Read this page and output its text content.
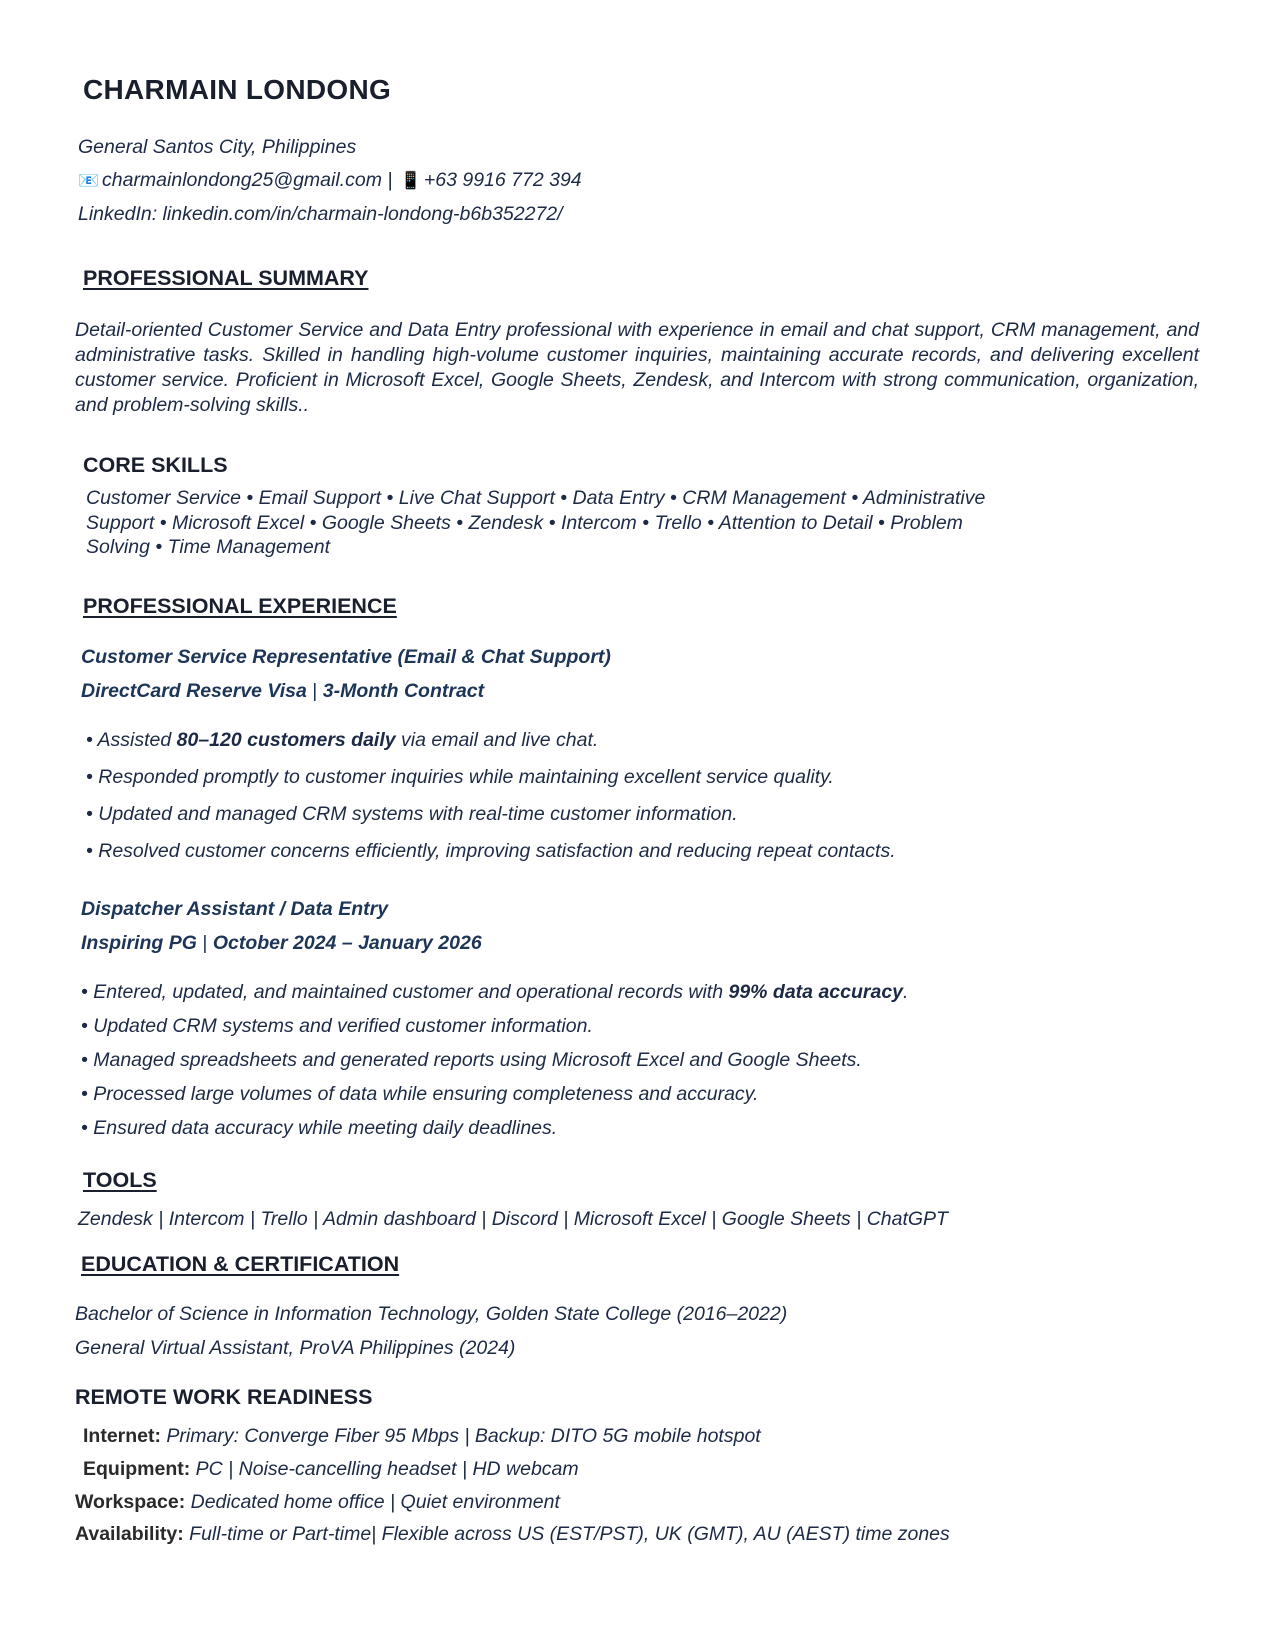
CHARMAIN LONDONG
General Santos City, Philippines
📧 charmainlondong25@gmail.com | 📱 +63 9916 772 394
LinkedIn: linkedin.com/in/charmain-londong-b6b352272/
PROFESSIONAL SUMMARY
Detail-oriented Customer Service and Data Entry professional with experience in email and chat support, CRM management, and administrative tasks. Skilled in handling high-volume customer inquiries, maintaining accurate records, and delivering excellent customer service. Proficient in Microsoft Excel, Google Sheets, Zendesk, and Intercom with strong communication, organization, and problem-solving skills..
CORE SKILLS
Customer Service • Email Support • Live Chat Support • Data Entry • CRM Management • Administrative Support • Microsoft Excel • Google Sheets • Zendesk • Intercom • Trello • Attention to Detail • Problem Solving • Time Management
PROFESSIONAL EXPERIENCE
Customer Service Representative (Email & Chat Support)
DirectCard Reserve Visa | 3-Month Contract
• Assisted 80–120 customers daily via email and live chat.
• Responded promptly to customer inquiries while maintaining excellent service quality.
• Updated and managed CRM systems with real-time customer information.
• Resolved customer concerns efficiently, improving satisfaction and reducing repeat contacts.
Dispatcher Assistant / Data Entry
Inspiring PG | October 2024 – January 2026
• Entered, updated, and maintained customer and operational records with 99% data accuracy.
• Updated CRM systems and verified customer information.
• Managed spreadsheets and generated reports using Microsoft Excel and Google Sheets.
• Processed large volumes of data while ensuring completeness and accuracy.
• Ensured data accuracy while meeting daily deadlines.
TOOLS
Zendesk | Intercom | Trello | Admin dashboard | Discord | Microsoft Excel | Google Sheets | ChatGPT
EDUCATION & CERTIFICATION
Bachelor of Science in Information Technology, Golden State College (2016–2022)
General Virtual Assistant, ProVA Philippines (2024)
REMOTE WORK READINESS
Internet: Primary: Converge Fiber 95 Mbps | Backup: DITO 5G mobile hotspot
Equipment: PC | Noise-cancelling headset | HD webcam
Workspace: Dedicated home office | Quiet environment
Availability: Full-time or Part-time| Flexible across US (EST/PST), UK (GMT), AU (AEST) time zones
